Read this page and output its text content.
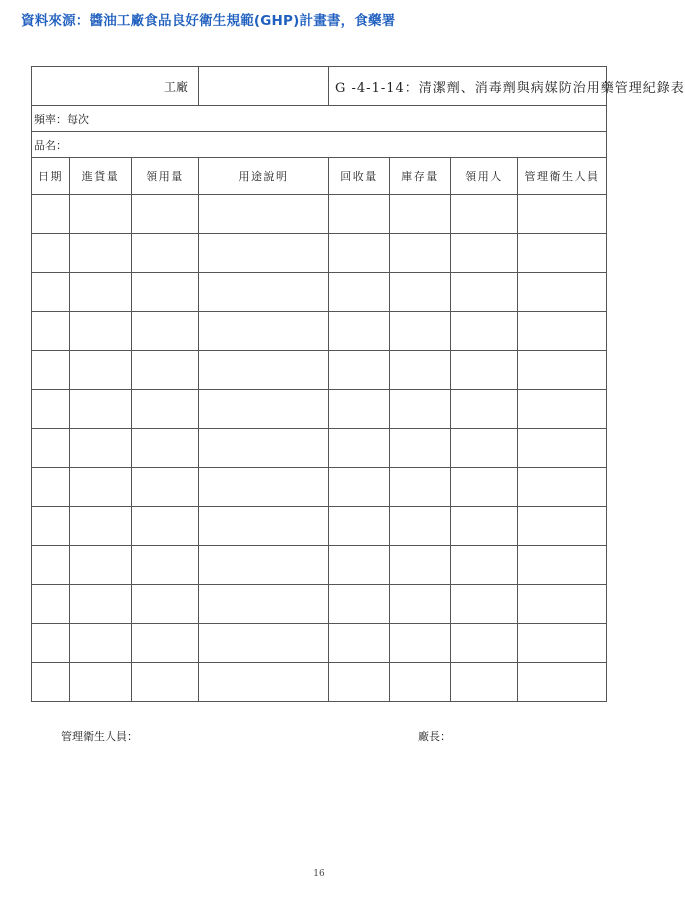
資料來源：醬油工廠食品良好衛生規範(GHP)計畫書，食藥署
工廠				G -4-1-14：清潔劑、消毒劑與病媒防治用藥管理紀錄表			
頻率：每次							
品名：							
日期	進貨量	領用量	用途說明	回收量	庫存量	領用人	管理衛生人員

管理衛生人員：	廠長：
16
